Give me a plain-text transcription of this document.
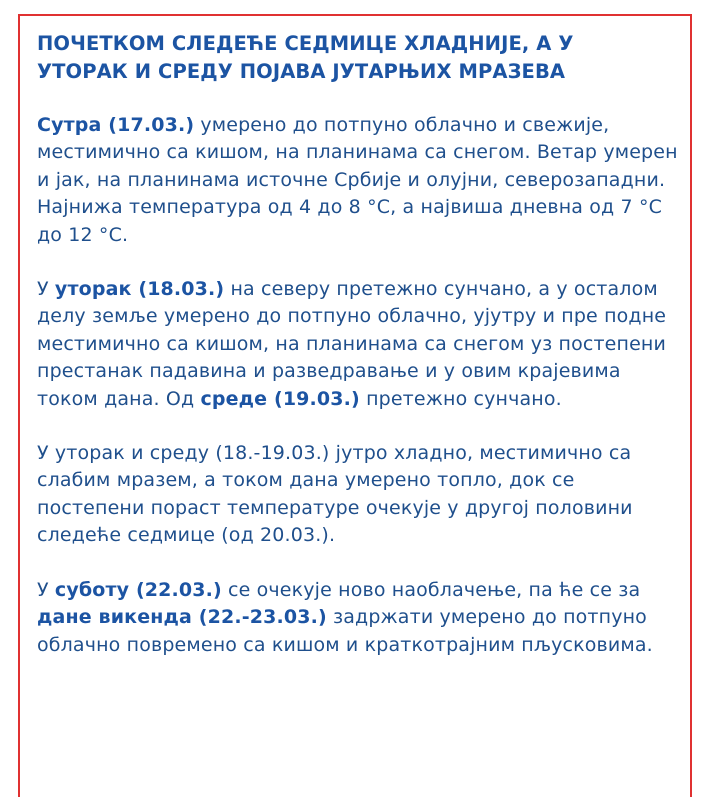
ПОЧЕТКОМ СЛЕДЕЋЕ СЕДМИЦЕ ХЛАДНИЈЕ, А У
УТОРАК И СРЕДУ ПОЈАВА ЈУТАРЊИХ МРАЗЕВА

Сутра (17.03.) умерено до потпуно облачно и свежије, местимично са кишом, на планинама са снегом. Ветар умерен и јак, на планинама источне Србије и олујни, северозападни. Најнижа температура од 4 до 8 °C, а највиша дневна од 7 °C до 12 °C.

У уторак (18.03.) на северу претежно сунчано, а у осталом делу земље умерено до потпуно облачно, ујутру и пре подне местимично са кишом, на планинама са снегом уз постепени престанак падавина и разведравање и у овим крајевима током дана. Од среде (19.03.) претежно сунчано.

У уторак и среду (18.-19.03.) јутро хладно, местимично са слабим мразем, а током дана умерено топло, док се постепени пораст температуре очекује у другој половини следеће седмице (од 20.03.).

У суботу (22.03.) се очекује ново наоблачење, па ће се за дане викенда (22.-23.03.) задржати умерено до потпуно облачно повремено са кишом и краткотрајним пљусковима.
